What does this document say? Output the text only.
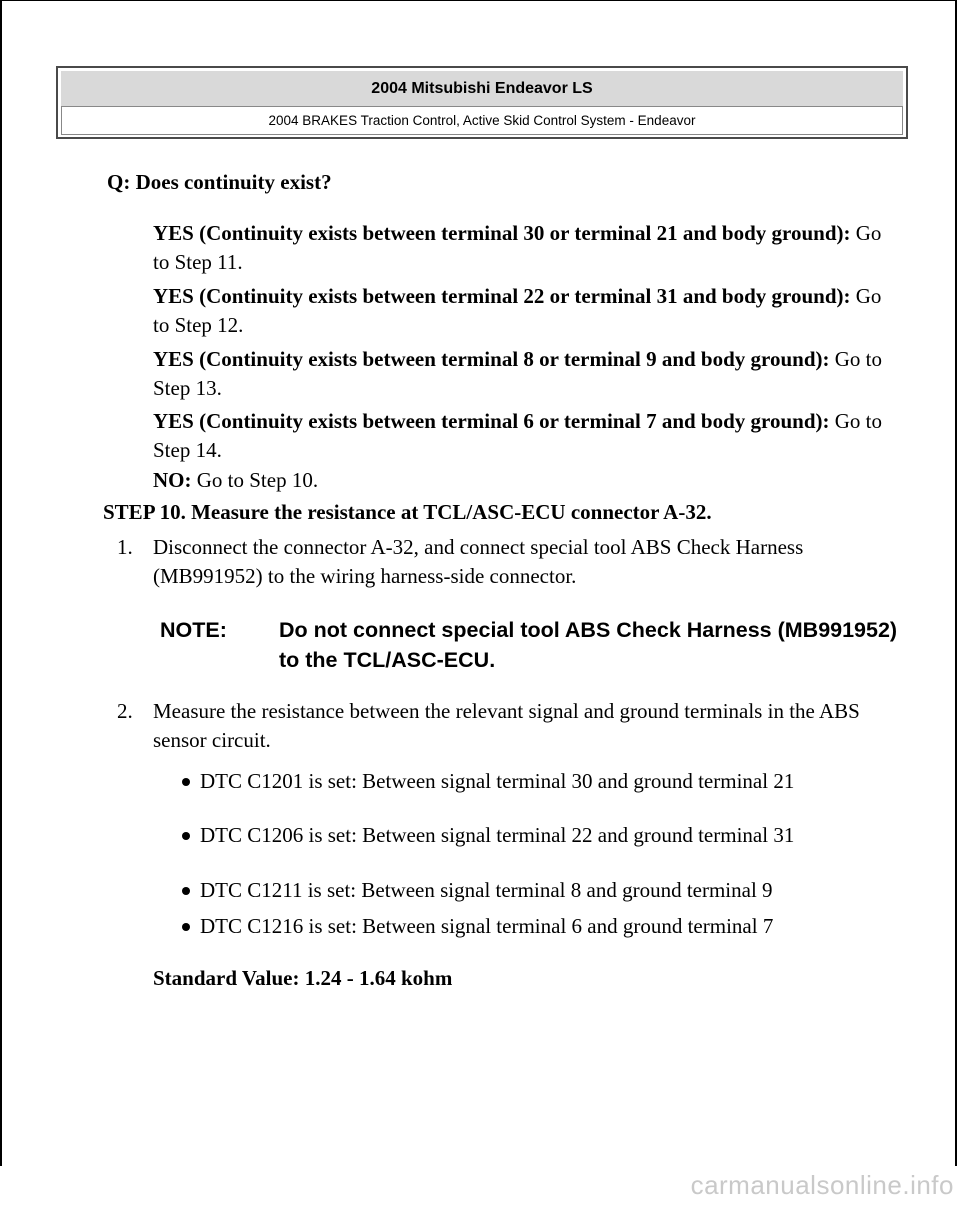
carmanualsonline.info
2004 Mitsubishi Endeavor LS
2004 BRAKES Traction Control, Active Skid Control System - Endeavor
Q: Does continuity exist?
YES (Continuity exists between terminal 30 or terminal 21 and body ground): Go to Step 11.
YES (Continuity exists between terminal 22 or terminal 31 and body ground): Go to Step 12.
YES (Continuity exists between terminal 8 or terminal 9 and body ground): Go to Step 13.
YES (Continuity exists between terminal 6 or terminal 7 and body ground): Go to Step 14.
NO: Go to Step 10.
STEP 10. Measure the resistance at TCL/ASC-ECU connector A-32.
1. Disconnect the connector A-32, and connect special tool ABS Check Harness (MB991952) to the wiring harness-side connector.
NOTE: Do not connect special tool ABS Check Harness (MB991952) to the TCL/ASC-ECU.
2. Measure the resistance between the relevant signal and ground terminals in the ABS sensor circuit.
DTC C1201 is set: Between signal terminal 30 and ground terminal 21
DTC C1206 is set: Between signal terminal 22 and ground terminal 31
DTC C1211 is set: Between signal terminal 8 and ground terminal 9
DTC C1216 is set: Between signal terminal 6 and ground terminal 7
Standard Value: 1.24 - 1.64 kohm
